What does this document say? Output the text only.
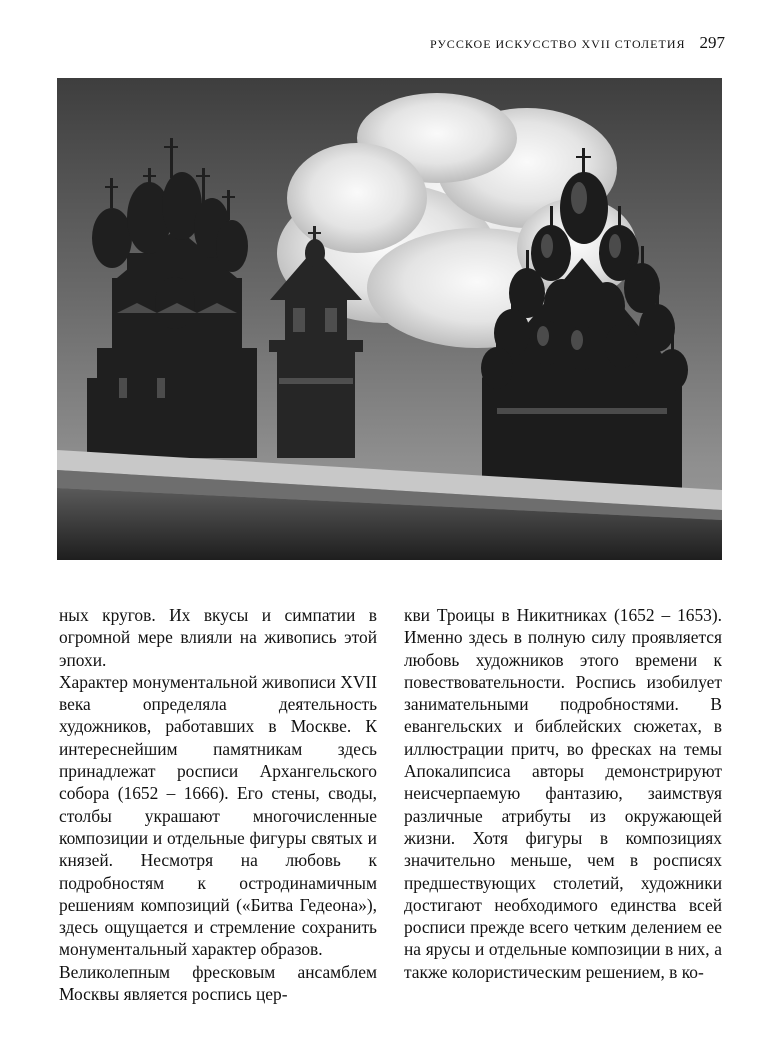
РУССКОЕ ИСКУССТВО XVII СТОЛЕТИЯ 297

ных кругов. Их вкусы и симпатии в огромной мере влияли на живопись этой эпохи.

Характер монументальной живописи XVII века определяла деятельность художников, работавших в Москве. К интереснейшим памятникам здесь принадлежат росписи Архангельского собора (1652 – 1666). Его стены, своды, столбы украшают многочисленные композиции и отдельные фигуры святых и князей. Несмотря на любовь к подробностям к остродинамичным решениям композиций («Битва Гедеона»), здесь ощущается и стремление сохранить монументальный характер образов.

Великолепным фресковым ансамблем Москвы является роспись цер-

кви Троицы в Никитниках (1652 – 1653). Именно здесь в полную силу проявляется любовь художников этого времени к повествовательности. Роспись изобилует занимательными подробностями. В евангельских и библейских сюжетах, в иллюстрации притч, во фресках на темы Апокалипсиса авторы демонстрируют неисчерпаемую фантазию, заимствуя различные атрибуты из окружающей жизни. Хотя фигуры в композициях значительно меньше, чем в росписях предшествующих столетий, художники достигают необходимого единства всей росписи прежде всего четким делением ее на ярусы и отдельные композиции в них, а также колористическим решением, в ко-
